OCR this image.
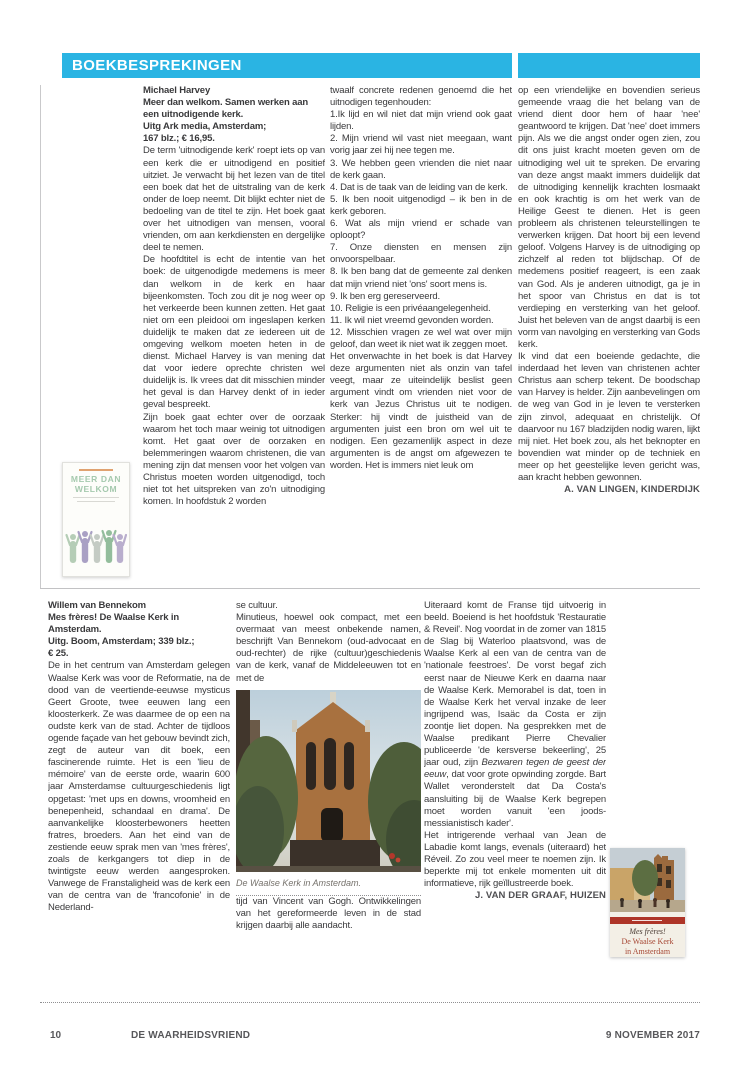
BOEKBESPREKINGEN
Michael Harvey
Meer dan welkom. Samen werken aan een uitnodigende kerk.
Uitg Ark media, Amsterdam;
167 blz.; € 16,95.

De term 'uitnodigende kerk' roept iets op van een kerk die er uitnodigend en positief uitziet. Je verwacht bij het lezen van de titel een boek dat het de uitstraling van de kerk onder de loep neemt. Dit blijkt echter niet de bedoeling van de titel te zijn. Het boek gaat over het uitnodigen van mensen, vooral vrienden, om aan kerkdiensten en dergelijke deel te nemen.

De hoofdtitel is echt de intentie van het boek: de uitgenodigde medemens is meer dan welkom in de kerk en haar bijeenkomsten. Toch zou dit je nog weer op het verkeerde been kunnen zetten. Het gaat niet om een pleidooi om ingeslapen kerken duidelijk te maken dat ze iedereen uit de omgeving welkom moeten heten in de dienst. Michael Harvey is van mening dat dat voor iedere oprechte christen wel duidelijk is. Ik vrees dat dit misschien minder het geval is dan Harvey denkt of in ieder geval bespreekt.

Zijn boek gaat echter over de oorzaak waarom het toch maar weinig tot uitnodigen komt. Het gaat over de oorzaken en belemmeringen waarom christenen, die van mening zijn dat mensen voor het volgen van Christus moeten worden uitgenodigd, toch niet tot het uitspreken van zo'n uitnodiging komen. In hoofdstuk 2 worden

twaalf concrete redenen genoemd die het uitnodigen tegenhouden:

1.Ik lijd en wil niet dat mijn vriend ook gaat lijden.

2. Mijn vriend wil vast niet meegaan, want vorig jaar zei hij nee tegen me.

3. We hebben geen vrienden die niet naar de kerk gaan.

4. Dat is de taak van de leiding van de kerk.

5. Ik ben nooit uitgenodigd – ik ben in de kerk geboren.

6. Wat als mijn vriend er schade van oploopt?

7. Onze diensten en mensen zijn onvoorspelbaar.

8. Ik ben bang dat de gemeente zal denken dat mijn vriend niet 'ons' soort mens is.

9. Ik ben erg gereserveerd.

10. Religie is een privéaangelegenheid.

11. Ik wil niet vreemd gevonden worden.

12. Misschien vragen ze wel wat over mijn geloof, dan weet ik niet wat ik zeggen moet.

Het onverwachte in het boek is dat Harvey deze argumenten niet als onzin van tafel veegt, maar ze uiteindelijk beslist geen argument vindt om vrienden niet voor de kerk van Jezus Christus uit te nodigen. Sterker: hij vindt de juistheid van de argumenten juist een bron om wel uit te nodigen. Een gezamenlijk aspect in deze argumenten is de angst om afgewezen te worden. Het is immers niet leuk om

op een vriendelijke en bovendien serieus gemeende vraag die het belang van de vriend dient door hem of haar 'nee' geantwoord te krijgen. Dat 'nee' doet immers pijn. Als we die angst onder ogen zien, zou dit ons juist kracht moeten geven om de uitnodiging wel uit te spreken. De ervaring van deze angst maakt immers duidelijk dat de uitnodiging kennelijk krachten losmaakt en ook krachtig is om het werk van de Heilige Geest te dienen. Het is geen probleem als christenen teleurstellingen te verwerken krijgen. Dat hoort bij een levend geloof. Volgens Harvey is de uitnodiging op zichzelf al reden tot blijdschap. Of de medemens positief reageert, is een zaak van God. Als je anderen uitnodigt, ga je in het spoor van Christus en dat is tot verdieping en versterking van het geloof. Juist het beleven van de angst daarbij is een vorm van navolging en versterking van Gods kerk.

Ik vind dat een boeiende gedachte, die inderdaad het leven van christenen achter Christus aan scherp tekent. De boodschap van Harvey is helder. Zijn aanbevelingen om de weg van God in je leven te versterken zijn zinvol, adequaat en christelijk. Of daarvoor nu 167 bladzijden nodig waren, lijkt mij niet. Het boek zou, als het beknopter en bovendien wat minder op de techniek en meer op het geestelijke leven gericht was, aan kracht hebben gewonnen.

A. VAN LINGEN, KINDERDIJK
MEER DAN WELKOM
Willem van Bennekom
Mes frères! De Waalse Kerk in Amsterdam.
Uitg. Boom, Amsterdam; 339 blz.;
€ 25.

De in het centrum van Amsterdam gelegen Waalse Kerk was voor de Reformatie, na de dood van de veertiende-eeuwse mysticus Geert Groote, twee eeuwen lang een kloosterkerk. Ze was daarmee de op een na oudste kerk van de stad. Achter de tijdloos ogende façade van het gebouw bevindt zich, zegt de auteur van dit boek, een fascinerende ruimte. Het is een 'lieu de mémoire' van de eerste orde, waarin 600 jaar Amsterdamse cultuurgeschiedenis ligt opgetast: 'met ups en downs, vroomheid en benepenheid, schandaal en drama'. De aanvankelijke kloosterbewoners heetten fratres, broeders. Aan het eind van de zestiende eeuw sprak men van 'mes frères', zoals de kerkgangers tot diep in de twintigste eeuw werden aangesproken. Vanwege de Franstaligheid was de kerk een van de centra van de 'francofonie' in de Nederland-

se cultuur.

Minutieus, hoewel ook compact, met een overmaat van meest onbekende namen, beschrijft Van Bennekom (oud-advocaat en oud-rechter) de rijke (cultuur)geschiedenis van de kerk, vanaf de Middeleeuwen tot en met de

De Waalse Kerk in Amsterdam.

tijd van Vincent van Gogh. Ontwikkelingen van het gereformeerde leven in de stad krijgen daarbij alle aandacht.

Uiteraard komt de Franse tijd uitvoerig in beeld. Boeiend is het hoofdstuk 'Restauratie & Reveil'. Nog voordat in de zomer van 1815 de Slag bij Waterloo plaatsvond, was de Waalse Kerk al een van de centra van de 'nationale feestroes'. De vorst begaf zich eerst naar de Nieuwe Kerk en daarna naar de Waalse Kerk. Memorabel is dat, toen in de Waalse Kerk het verval inzake de leer ingrijpend was, Isaäc da Costa er zijn zoontje liet dopen. Na gesprekken met de Waalse predikant Pierre Chevalier publiceerde 'de kersverse bekeerling', 25 jaar oud, zijn Bezwaren tegen de geest der eeuw, dat voor grote opwinding zorgde. Bart Wallet veronderstelt dat Da Costa's aansluiting bij de Waalse Kerk begrepen moet worden vanuit 'een joods-messianistisch kader'.

Het intrigerende verhaal van Jean de Labadie komt langs, evenals (uiteraard) het Réveil. Zo zou veel meer te noemen zijn. Ik beperkte mij tot enkele momenten uit dit informatieve, rijk geïllustreerde boek.

J. VAN DER GRAAF, HUIZEN
Mes frères!
De Waalse Kerk
in Amsterdam
10	DE WAARHEIDSVRIEND	9 NOVEMBER 2017
